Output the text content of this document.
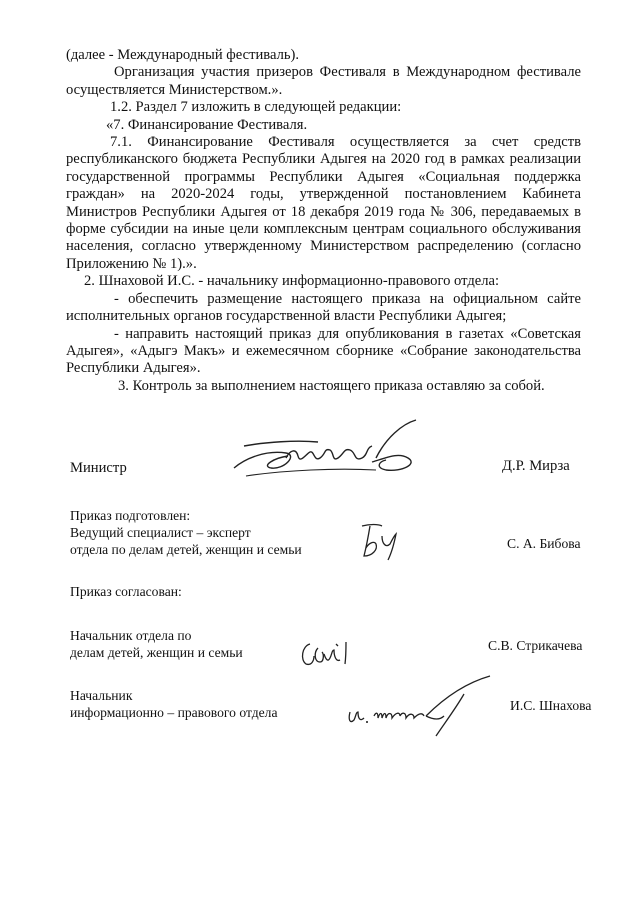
(далее - Международный фестиваль).

Организация участия призеров Фестиваля в Международном фестивале осуществляется Министерством.».

1.2. Раздел 7 изложить в следующей редакции:

«7. Финансирование Фестиваля.

7.1. Финансирование Фестиваля осуществляется за счет средств республиканского бюджета Республики Адыгея на 2020 год в рамках реализации государственной программы Республики Адыгея «Социальная поддержка граждан» на 2020-2024 годы, утвержденной постановлением Кабинета Министров Республики Адыгея от 18 декабря 2019 года № 306, передаваемых в форме субсидии на иные цели комплексным центрам социального обслуживания населения, согласно утвержденному Министерством распределению (согласно Приложению № 1).».

2. Шнаховой И.С. - начальнику информационно-правового отдела:

- обеспечить размещение настоящего приказа на официальном сайте исполнительных органов государственной власти Республики Адыгея;

- направить настоящий приказ для опубликования в газетах «Советская Адыгея», «Адыгэ Макъ» и ежемесячном сборнике «Собрание законодательства Республики Адыгея».

3. Контроль за выполнением настоящего приказа оставляю за собой.

Министр	Д.Р. Мирза
Приказ подготовлен:
Ведущий специалист – эксперт
отдела по делам детей, женщин и семьи	С. А. Бибова
Приказ согласован:
Начальник отдела по
делам детей, женщин и семьи	С.В. Стрикачева
Начальник
информационно – правового отдела	И.С. Шнахова
